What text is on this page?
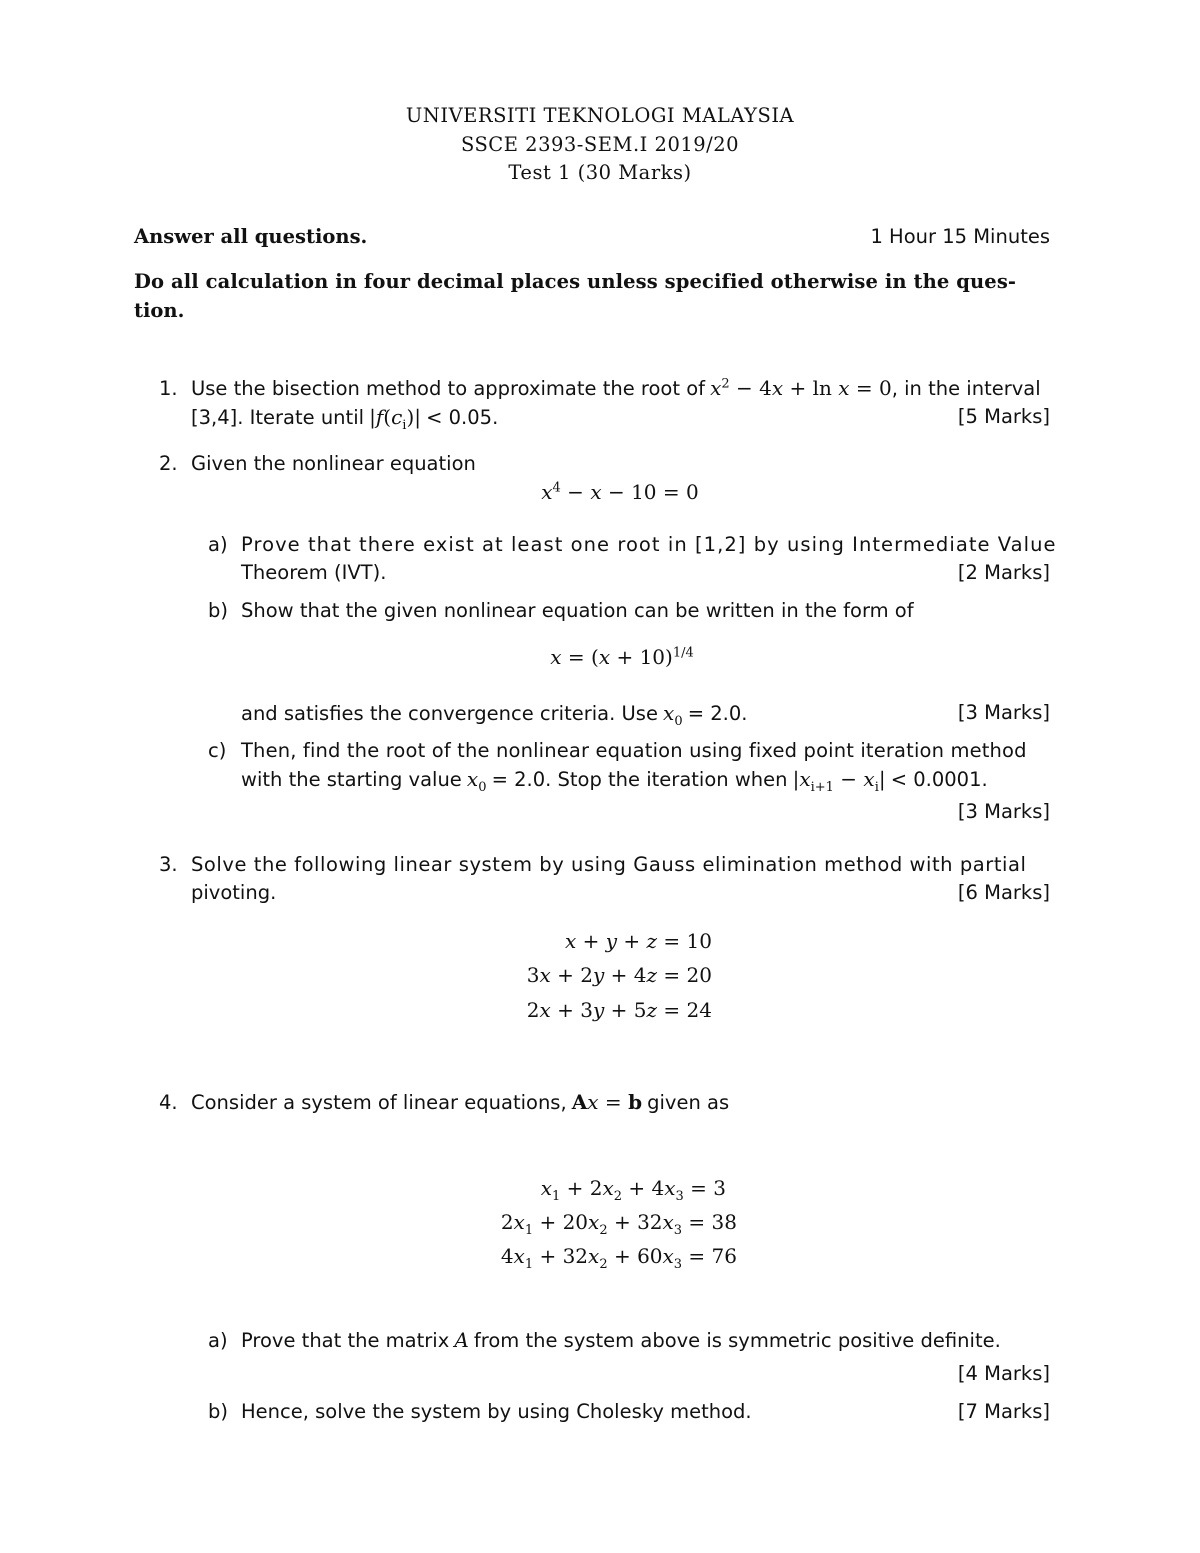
UNIVERSITI TEKNOLOGI MALAYSIA
SSCE 2393-SEM.I 2019/20
Test 1 (30 Marks)
Answer all questions.	1 Hour 15 Minutes
Do all calculation in four decimal places unless specified otherwise in the ques-
tion.
1. Use the bisection method to approximate the root of $x^2 - 4x + \ln x = 0$, in the interval
[3,4]. Iterate until $|f(c_i)| < 0.05$.	[5 Marks]
2. Given the nonlinear equation
$x^4 - x - 10 = 0$
a) Prove that there exist at least one root in [1,2] by using Intermediate Value
Theorem (IVT).	[2 Marks]
b) Show that the given nonlinear equation can be written in the form of
$x = (x + 10)^{1/4}$
and satisfies the convergence criteria. Use $x_0 = 2.0$.	[3 Marks]
c) Then, find the root of the nonlinear equation using fixed point iteration method
with the starting value $x_0 = 2.0$. Stop the iteration when $|x_{i+1} - x_i| < 0.0001$.
[3 Marks]
3. Solve the following linear system by using Gauss elimination method with partial
pivoting.	[6 Marks]
x + y + z = 10
3x + 2y + 4z = 20
2x + 3y + 5z = 24
4. Consider a system of linear equations, Ax = b given as
$x_1 + 2x_2 + 4x_3 = 3$
$2x_1 + 20x_2 + 32x_3 = 38$
$4x_1 + 32x_2 + 60x_3 = 76$
a) Prove that the matrix A from the system above is symmetric positive definite.
[4 Marks]
b) Hence, solve the system by using Cholesky method.	[7 Marks]
